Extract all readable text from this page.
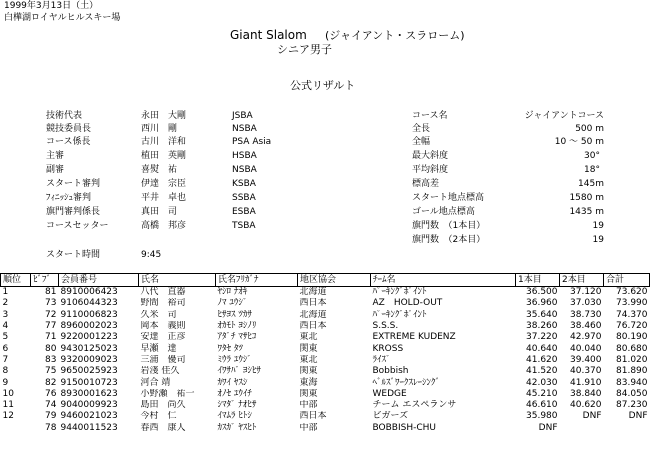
1999年3月13日（土）
白樺湖ロイヤルヒルスキー場
Giant Slalom (ジャイアント・スラローム)
シニア男子
公式リザルト
技術代表	永田　大剛	JSBA
競技委員長	西川　剛	NSBA
コース係長	古川　洋和	PSA Asia
主審	植田　英剛	HSBA
副審	喜熨　祐	NSBA
スタート審判	伊達　宗臣	KSBA
ﾌｨﾆｯｼｭ審判	平井　卓也	SSBA
旗門審判係長	真田　司	ESBA
コースセッター	高橋　邦彦	TSBA
スタート時間	9:45
コース名	ジャイアントコース
全長	500 m
全幅	10 ～ 50 m
最大斜度	30°
平均斜度	18°
標高差	145m
スタート地点標高	1580 m
ゴール地点標高	1435 m
旗門数　（1本目）	19
旗門数　（2本目）	19
順位	ﾋﾞﾌﾞ	会員番号	氏名	氏名ﾌﾘｶﾞﾅ	地区協会	ﾁｰﾑ名	1本目	2本目	合計
1	81	8910006423	八代　直器	ﾔｼﾛ ﾅｵｷ	北海道	ﾊﾟｰｷﾝｸﾞﾎﾟｲﾝﾄ	36.500	37.120	73.620
2	73	9106044323	野間　裕司	ﾉﾏ ﾕｳｼﾞ	西日本	AZ　HOLD-OUT	36.960	37.030	73.990
3	72	9110006823	久米　司	ﾋｻﾖｽ ﾂｶｻ	北海道	ﾊﾟｰｷﾝｸﾞﾎﾟｲﾝﾄ	35.640	38.730	74.370
4	77	8960002023	岡本　義則	ｵｶﾓﾄ ﾖｼﾉﾘ	西日本	S.S.S.	38.260	38.460	76.720
5	71	9220001223	安達　正彦	ｱﾀﾞﾁ ﾏｻﾋｺ	東北	EXTREME KUDENZ	37.220	42.970	80.190
6	80	9430125023	早瀬　達	ﾜﾀｾ ﾀﾂ	関東	KROSS	40.640	40.040	80.680
7	83	9320009023	三浦　優司	ﾐｳﾗ ﾕｳｼﾞ	東北	ﾗｲｽﾞ	41.620	39.400	81.020
8	75	9650025923	岩淺 佳久	ｲﾜｻﾊﾞ ﾖｼﾋｻ	関東	Bobbish	41.520	40.370	81.890
9	82	9150010723	河合 靖	ｶﾜｲ ﾔｽｼ	東海	ﾍﾞﾙｽﾞﾜｰｸｽﾚｰｼﾝｸﾞ	42.030	41.910	83.940
10	76	8930001623	小野瀬　祐一	ｵﾉｾ ﾕｳｲﾁ	関東	WEDGE	45.210	38.840	84.050
11	74	9040009923	島田　尚久	ｼﾏﾀﾞ ﾅｵﾋｻ	中部	チーム エスペランサ	46.610	40.620	87.230
12	79	9460021023	今村　仁	ｲﾏﾑﾗ ﾋﾄｼ	西日本	ビガーズ	35.980	DNF	DNF
	78	9440011523	春西　康人	ｶｽｶﾞ ﾔｽﾋﾄ	中部	BOBBISH-CHU	DNF		
